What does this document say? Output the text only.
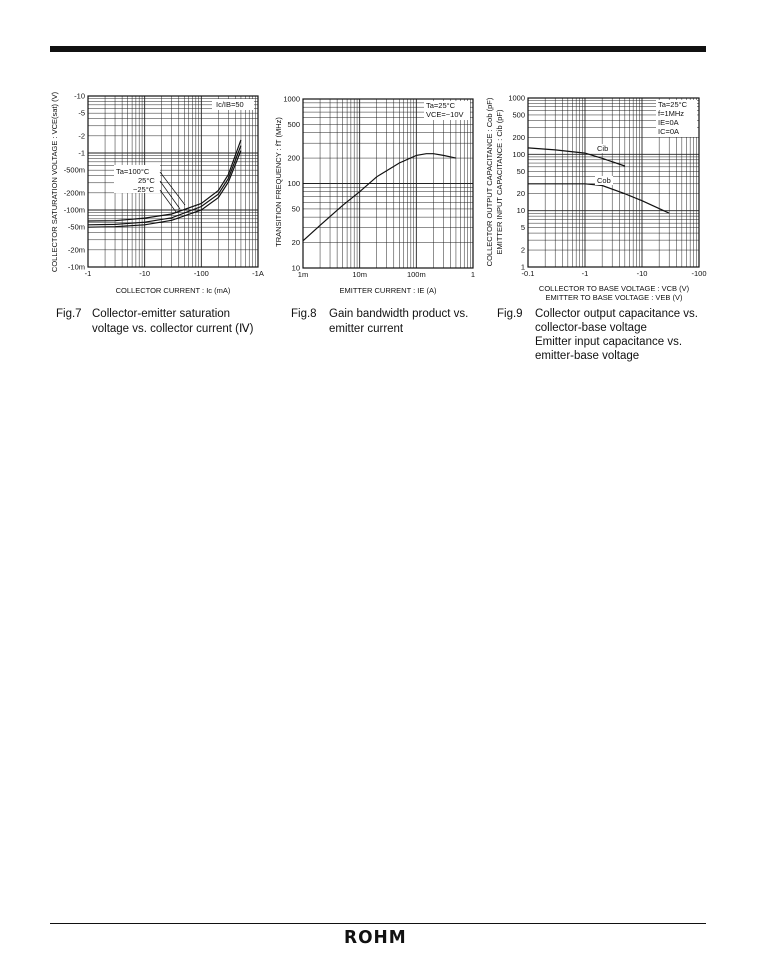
-1	-10	-100	-1A
-10
-5
-2
-1
-500m
-200m
-100m
-50m
-20m
-10m
1m	10m	100m	1
1000
500
200
100
50
20
10
-0.1	-1	-10	-100
1000
500
200
100
50
20
10
5
2
1
COLLECTOR CURRENT : Ic (mA)
COLLECTOR SATURATION VOLTAGE : VCE(sat) (V)	Ic/IB=50
Ta=100°C
25°C
−25°C
EMITTER CURRENT : IE (A)
TRANSITION FREQUENCY : fT (MHz)
Ta=25°C
VCE=−10V
COLLECTOR TO BASE VOLTAGE : VCB (V)
EMITTER TO BASE VOLTAGE : VEB (V)
COLLECTOR OUTPUT CAPACITANCE : Cob (pF) EMITTER INPUT CAPACITANCE : Cib (pF)
Ta=25°C
f=1MHz
IE=0A
IC=0A
Cib
Cob
Fig.7 Collector-emitter saturation
voltage vs. collector current (Ⅳ)
Fig.8 Gain bandwidth product vs.
emitter current
Fig.9 Collector output capacitance vs.
collector-base voltage
Emitter input capacitance vs.
emitter-base voltage
ROHM
